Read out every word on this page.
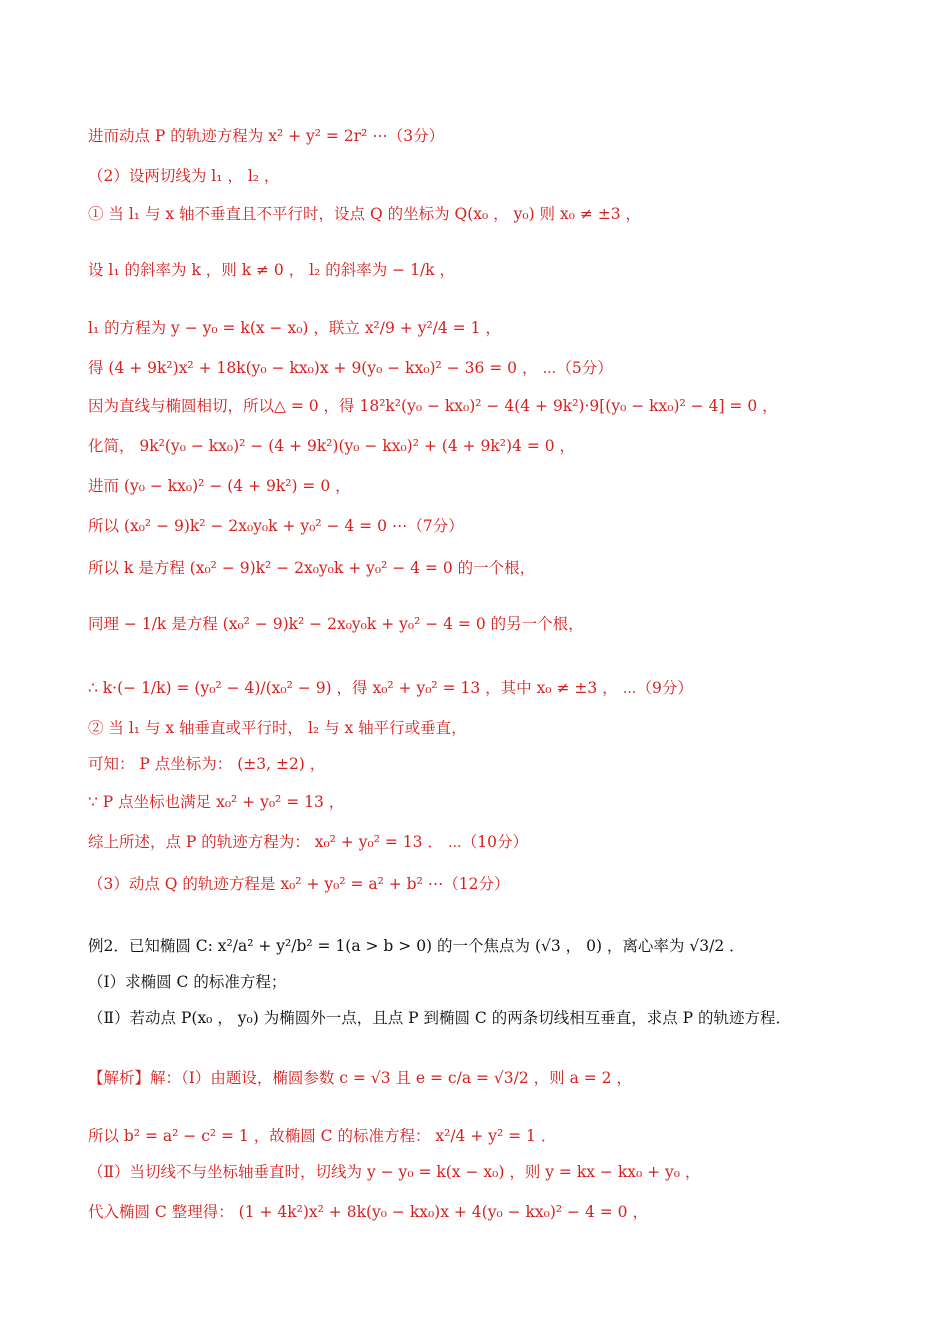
进而动点 P 的轨迹方程为 x² + y² = 2r² ⋯（3分）
（2）设两切线为 l₁ ， l₂ ，
① 当 l₁ 与 x 轴不垂直且不平行时，设点 Q 的坐标为 Q(x₀ ， y₀) 则 x₀ ≠ ±3 ，
设 l₁ 的斜率为 k ，则 k ≠ 0 ， l₂ 的斜率为 − 1/k ，
l₁ 的方程为 y − y₀ = k(x − x₀) ，联立 x²/9 + y²/4 = 1 ，
得 (4 + 9k²)x² + 18k(y₀ − kx₀)x + 9(y₀ − kx₀)² − 36 = 0 ， ⋯（5分）
因为直线与椭圆相切，所以△ = 0 ，得 18²k²(y₀ − kx₀)² − 4(4 + 9k²)·9[(y₀ − kx₀)² − 4] = 0 ，
化简， 9k²(y₀ − kx₀)² − (4 + 9k²)(y₀ − kx₀)² + (4 + 9k²)4 = 0 ，
进而 (y₀ − kx₀)² − (4 + 9k²) = 0 ，
所以 (x₀² − 9)k² − 2x₀y₀k + y₀² − 4 = 0 ⋯（7分）
所以 k 是方程 (x₀² − 9)k² − 2x₀y₀k + y₀² − 4 = 0 的一个根，
同理 − 1/k 是方程 (x₀² − 9)k² − 2x₀y₀k + y₀² − 4 = 0 的另一个根，
∴ k·(− 1/k) = (y₀² − 4)/(x₀² − 9) ，得 x₀² + y₀² = 13 ，其中 x₀ ≠ ±3 ， ⋯（9分）
② 当 l₁ 与 x 轴垂直或平行时， l₂ 与 x 轴平行或垂直，
可知： P 点坐标为： (±3, ±2) ，
∵ P 点坐标也满足 x₀² + y₀² = 13 ，
综上所述，点 P 的轨迹方程为： x₀² + y₀² = 13 ． ⋯（10分）
（3）动点 Q 的轨迹方程是 x₀² + y₀² = a² + b² ⋯（12分）
例2．已知椭圆 C: x²/a² + y²/b² = 1(a > b > 0) 的一个焦点为 (√3 ， 0) ，离心率为 √3/2 ．
（Ⅰ）求椭圆 C 的标准方程；
（Ⅱ）若动点 P(x₀ ， y₀) 为椭圆外一点，且点 P 到椭圆 C 的两条切线相互垂直，求点 P 的轨迹方程．
【解析】解：（Ⅰ）由题设，椭圆参数 c = √3 且 e = c/a = √3/2 ，则 a = 2 ，
所以 b² = a² − c² = 1 ，故椭圆 C 的标准方程： x²/4 + y² = 1 ．
（Ⅱ）当切线不与坐标轴垂直时，切线为 y − y₀ = k(x − x₀) ，则 y = kx − kx₀ + y₀ ，
代入椭圆 C 整理得： (1 + 4k²)x² + 8k(y₀ − kx₀)x + 4(y₀ − kx₀)² − 4 = 0 ，
